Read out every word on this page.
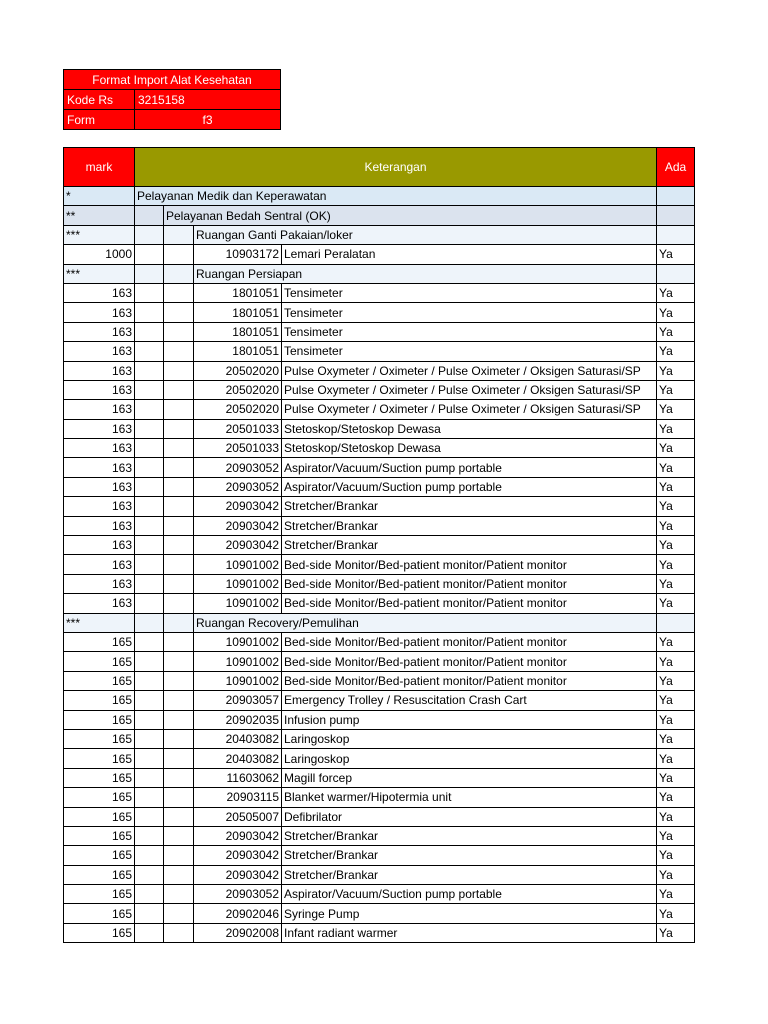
Format Import Alat Kesehatan	
Kode Rs	3215158
Form	f3
mark	Keterangan				Ada
*	Pelayanan Medik dan Keperawatan				
**		Pelayanan Bedah Sentral (OK)			
***			Ruangan Ganti Pakaian/loker		
1000			10903172	Lemari Peralatan	Ya
***			Ruangan Persiapan		
163			1801051	Tensimeter	Ya
163			1801051	Tensimeter	Ya
163			1801051	Tensimeter	Ya
163			1801051	Tensimeter	Ya
163			20502020	Pulse Oxymeter / Oximeter / Pulse Oximeter / Oksigen Saturasi/SP	Ya
163			20502020	Pulse Oxymeter / Oximeter / Pulse Oximeter / Oksigen Saturasi/SP	Ya
163			20502020	Pulse Oxymeter / Oximeter / Pulse Oximeter / Oksigen Saturasi/SP	Ya
163			20501033	Stetoskop/Stetoskop Dewasa	Ya
163			20501033	Stetoskop/Stetoskop Dewasa	Ya
163			20903052	Aspirator/Vacuum/Suction pump portable	Ya
163			20903052	Aspirator/Vacuum/Suction pump portable	Ya
163			20903042	Stretcher/Brankar	Ya
163			20903042	Stretcher/Brankar	Ya
163			20903042	Stretcher/Brankar	Ya
163			10901002	Bed-side Monitor/Bed-patient monitor/Patient monitor	Ya
163			10901002	Bed-side Monitor/Bed-patient monitor/Patient monitor	Ya
163			10901002	Bed-side Monitor/Bed-patient monitor/Patient monitor	Ya
***			Ruangan Recovery/Pemulihan		
165			10901002	Bed-side Monitor/Bed-patient monitor/Patient monitor	Ya
165			10901002	Bed-side Monitor/Bed-patient monitor/Patient monitor	Ya
165			10901002	Bed-side Monitor/Bed-patient monitor/Patient monitor	Ya
165			20903057	Emergency Trolley / Resuscitation Crash Cart	Ya
165			20902035	Infusion pump	Ya
165			20403082	Laringoskop	Ya
165			20403082	Laringoskop	Ya
165			11603062	Magill forcep	Ya
165			20903115	Blanket warmer/Hipotermia unit	Ya
165			20505007	Defibrilator	Ya
165			20903042	Stretcher/Brankar	Ya
165			20903042	Stretcher/Brankar	Ya
165			20903042	Stretcher/Brankar	Ya
165			20903052	Aspirator/Vacuum/Suction pump portable	Ya
165			20902046	Syringe Pump	Ya
165			20902008	Infant radiant warmer	Ya
